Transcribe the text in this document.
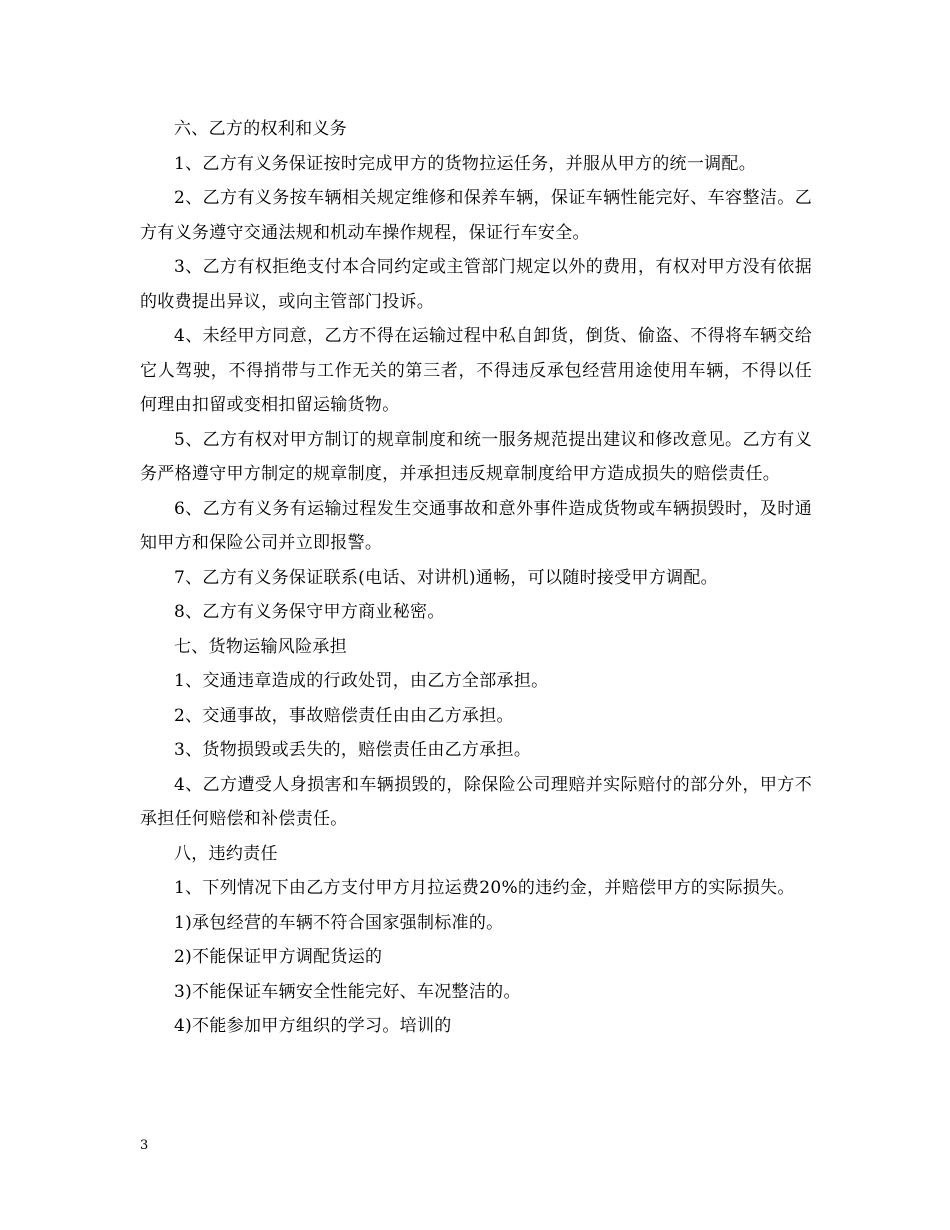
六、乙方的权利和义务

1、乙方有义务保证按时完成甲方的货物拉运任务，并服从甲方的统一调配。

2、乙方有义务按车辆相关规定维修和保养车辆，保证车辆性能完好、车容整洁。乙方有义务遵守交通法规和机动车操作规程，保证行车安全。

3、乙方有权拒绝支付本合同约定或主管部门规定以外的费用，有权对甲方没有依据的收费提出异议，或向主管部门投诉。

4、未经甲方同意，乙方不得在运输过程中私自卸货，倒货、偷盗、不得将车辆交给它人驾驶，不得捎带与工作无关的第三者，不得违反承包经营用途使用车辆，不得以任何理由扣留或变相扣留运输货物。

5、乙方有权对甲方制订的规章制度和统一服务规范提出建议和修改意见。乙方有义务严格遵守甲方制定的规章制度，并承担违反规章制度给甲方造成损失的赔偿责任。

6、乙方有义务有运输过程发生交通事故和意外事件造成货物或车辆损毁时，及时通知甲方和保险公司并立即报警。

7、乙方有义务保证联系(电话、对讲机)通畅，可以随时接受甲方调配。

8、乙方有义务保守甲方商业秘密。

七、货物运输风险承担

1、交通违章造成的行政处罚，由乙方全部承担。

2、交通事故，事故赔偿责任由由乙方承担。

3、货物损毁或丢失的，赔偿责任由乙方承担。

4、乙方遭受人身损害和车辆损毁的，除保险公司理赔并实际赔付的部分外，甲方不承担任何赔偿和补偿责任。

八，违约责任

1、下列情况下由乙方支付甲方月拉运费20%的违约金，并赔偿甲方的实际损失。

1)承包经营的车辆不符合国家强制标准的。

2)不能保证甲方调配货运的

3)不能保证车辆安全性能完好、车况整洁的。

4)不能参加甲方组织的学习。培训的

3
